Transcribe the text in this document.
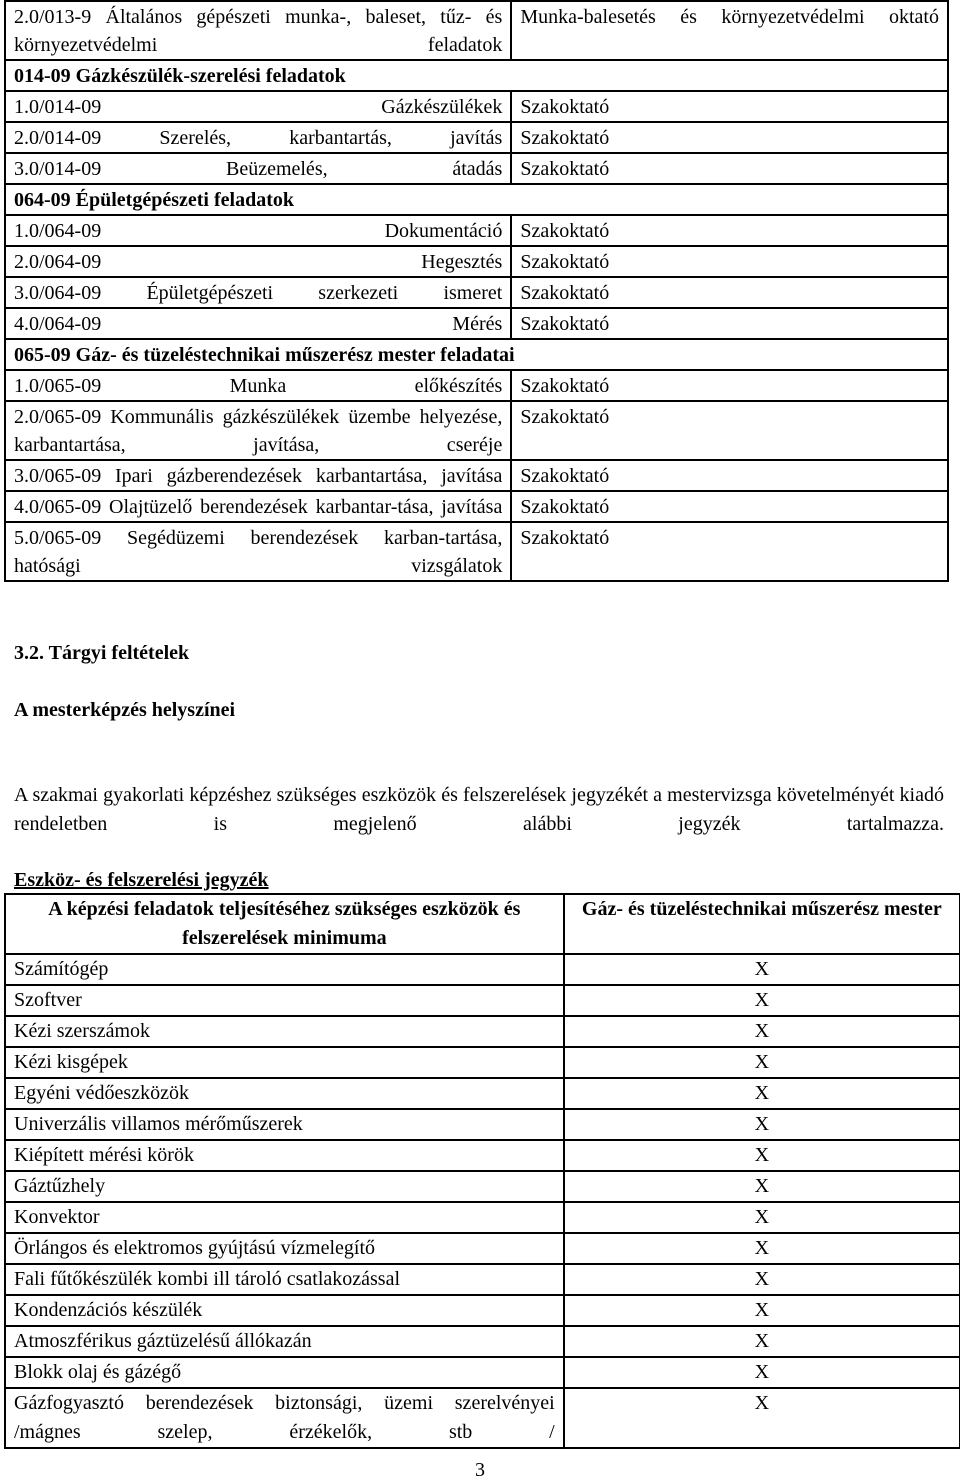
2.0/013-9 Általános gépészeti munka-, baleset, tűz- és környezetvédelmi feladatok	Munka-balesetés és környezetvédelmi oktató
014-09 Gázkészülék-szerelési feladatok	
1.0/014-09 Gázkészülékek	Szakoktató
2.0/014-09 Szerelés, karbantartás, javítás	Szakoktató
3.0/014-09 Beüzemelés, átadás	Szakoktató
064-09 Épületgépészeti feladatok	
1.0/064-09 Dokumentáció	Szakoktató
2.0/064-09 Hegesztés	Szakoktató
3.0/064-09 Épületgépészeti szerkezeti ismeret	Szakoktató
4.0/064-09 Mérés	Szakoktató
065-09 Gáz- és tüzeléstechnikai műszerész mester feladatai	
1.0/065-09 Munka előkészítés	Szakoktató
2.0/065-09 Kommunális gázkészülékek üzembe helyezése, karbantartása, javítása, cseréje	Szakoktató
3.0/065-09 Ipari gázberendezések karbantartása, javítása	Szakoktató
4.0/065-09 Olajtüzelő berendezések karbantar-tása, javítása	Szakoktató
5.0/065-09 Segédüzemi berendezések karban-tartása, hatósági vizsgálatok	Szakoktató
3.2. Tárgyi feltételek
A mesterképzés helyszínei
A szakmai gyakorlati képzéshez szükséges eszközök és felszerelések jegyzékét a mestervizsga követelményét kiadó rendeletben is megjelenő alábbi jegyzék tartalmazza.
Eszköz- és felszerelési jegyzék
A képzési feladatok teljesítéséhez szükséges eszközök és felszerelések minimuma	Gáz- és tüzeléstechnikai műszerész mester
Számítógép	X
Szoftver	X
Kézi szerszámok	X
Kézi kisgépek	X
Egyéni védőeszközök	X
Univerzális villamos mérőműszerek	X
Kiépített mérési körök	X
Gáztűzhely	X
Konvektor	X
Örlángos és elektromos gyújtású vízmelegítő	X
Fali fűtőkészülék kombi ill tároló csatlakozással	X
Kondenzációs készülék	X
Atmoszférikus gáztüzelésű állókazán	X
Blokk olaj és gázégő	X
Gázfogyasztó berendezések biztonsági, üzemi szerelvényei /mágnes szelep, érzékelők, stb /	X
3
